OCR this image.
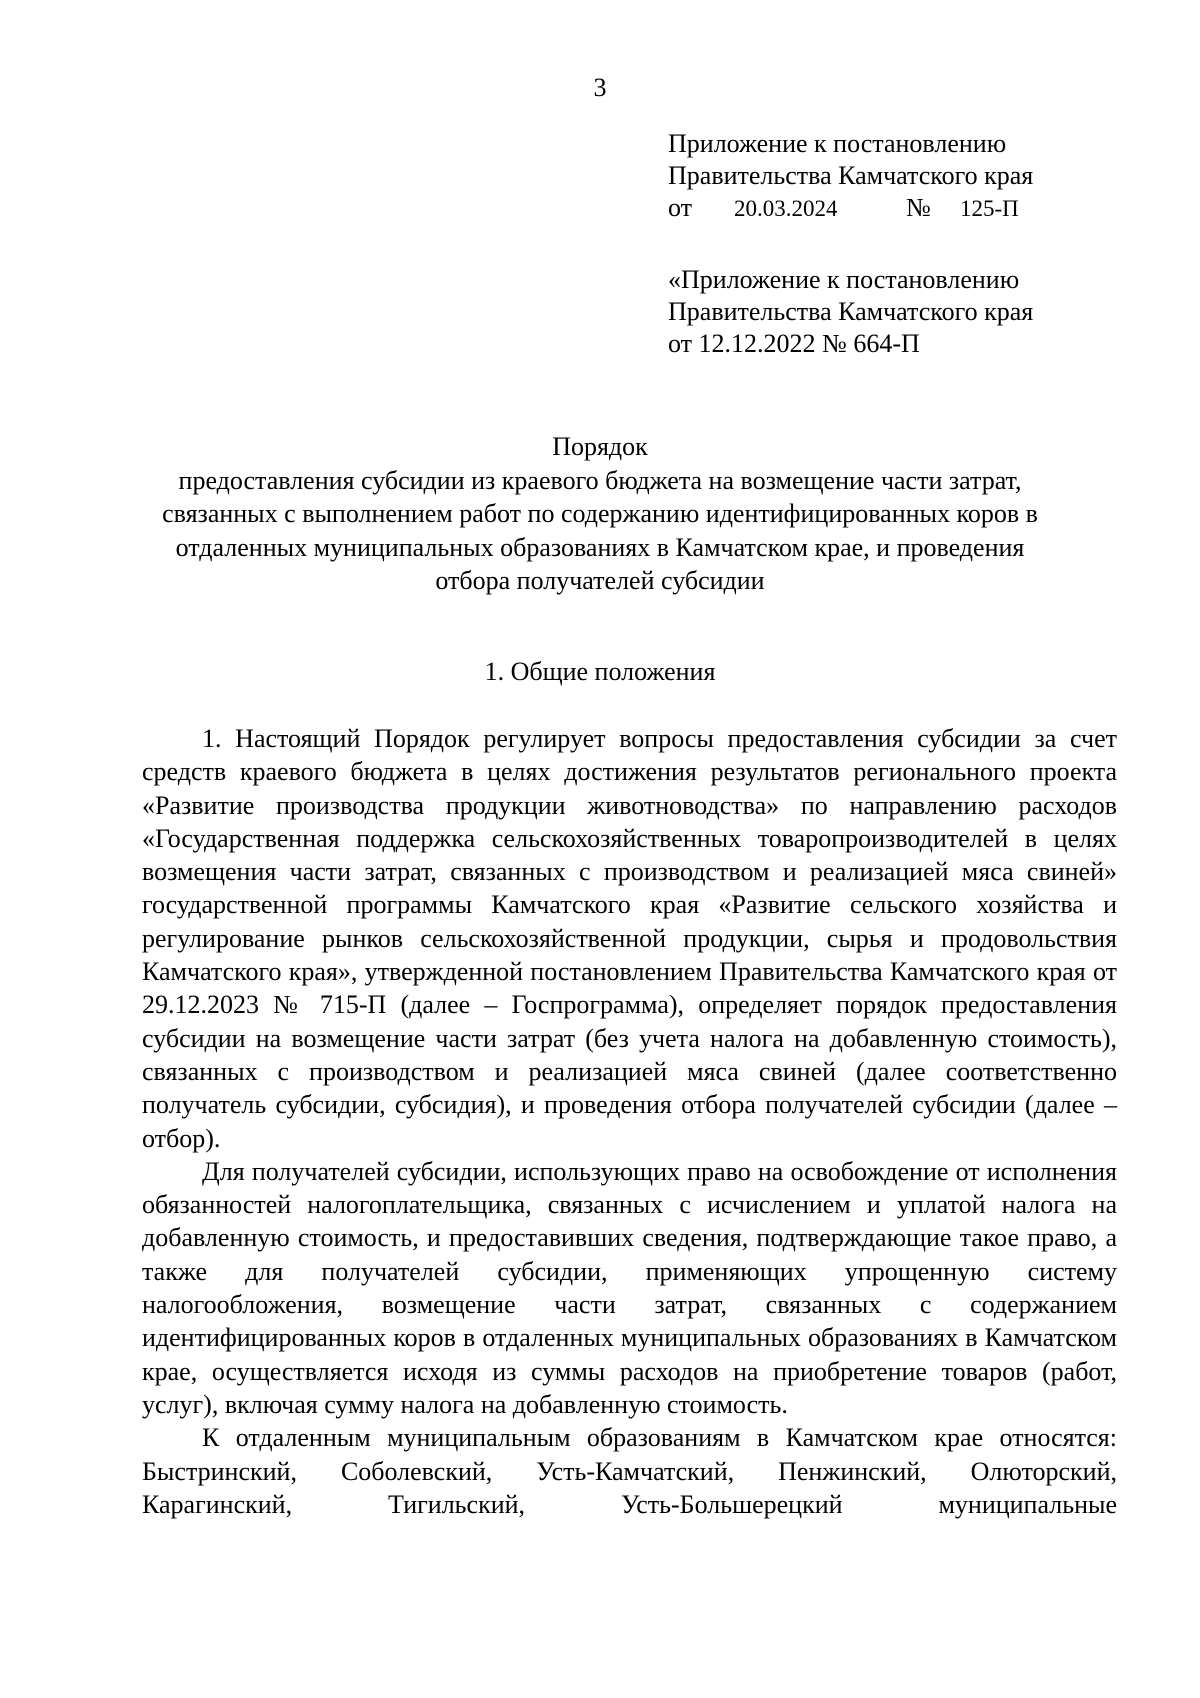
3
Приложение к постановлению
Правительства Камчатского края
от 20.03.2024	№ 125-П
«Приложение к постановлению
Правительства Камчатского края
от 12.12.2022 № 664-П
Порядок
предоставления субсидии из краевого бюджета на возмещение части затрат,
связанных с выполнением работ по содержанию идентифицированных коров в
отдаленных муниципальных образованиях в Камчатском крае, и проведения
отбора получателей субсидии
1. Общие положения

1. Настоящий Порядок регулирует вопросы предоставления субсидии за счет средств краевого бюджета в целях достижения результатов регионального проекта «Развитие производства продукции животноводства» по направлению расходов «Государственная поддержка сельскохозяйственных товаропроизводителей в целях возмещения части затрат, связанных с производством и реализацией мяса свиней» государственной программы Камчатского края «Развитие сельского хозяйства и регулирование рынков сельскохозяйственной продукции, сырья и продовольствия Камчатского края», утвержденной постановлением Правительства Камчатского края от 29.12.2023 № 715-П (далее – Госпрограмма), определяет порядок предоставления субсидии на возмещение части затрат (без учета налога на добавленную стоимость), связанных с производством и реализацией мяса свиней (далее соответственно получатель субсидии, субсидия), и проведения отбора получателей субсидии (далее – отбор).

Для получателей субсидии, использующих право на освобождение от исполнения обязанностей налогоплательщика, связанных с исчислением и уплатой налога на добавленную стоимость, и предоставивших сведения, подтверждающие такое право, а также для получателей субсидии, применяющих упрощенную систему налогообложения, возмещение части затрат, связанных с содержанием идентифицированных коров в отдаленных муниципальных образованиях в Камчатском крае, осуществляется исходя из суммы расходов на приобретение товаров (работ, услуг), включая сумму налога на добавленную стоимость.

К отдаленным муниципальным образованиям в Камчатском крае относятся: Быстринский, Соболевский, Усть-Камчатский, Пенжинский, Олюторский, Карагинский, Тигильский, Усть-Большерецкий муниципальные
